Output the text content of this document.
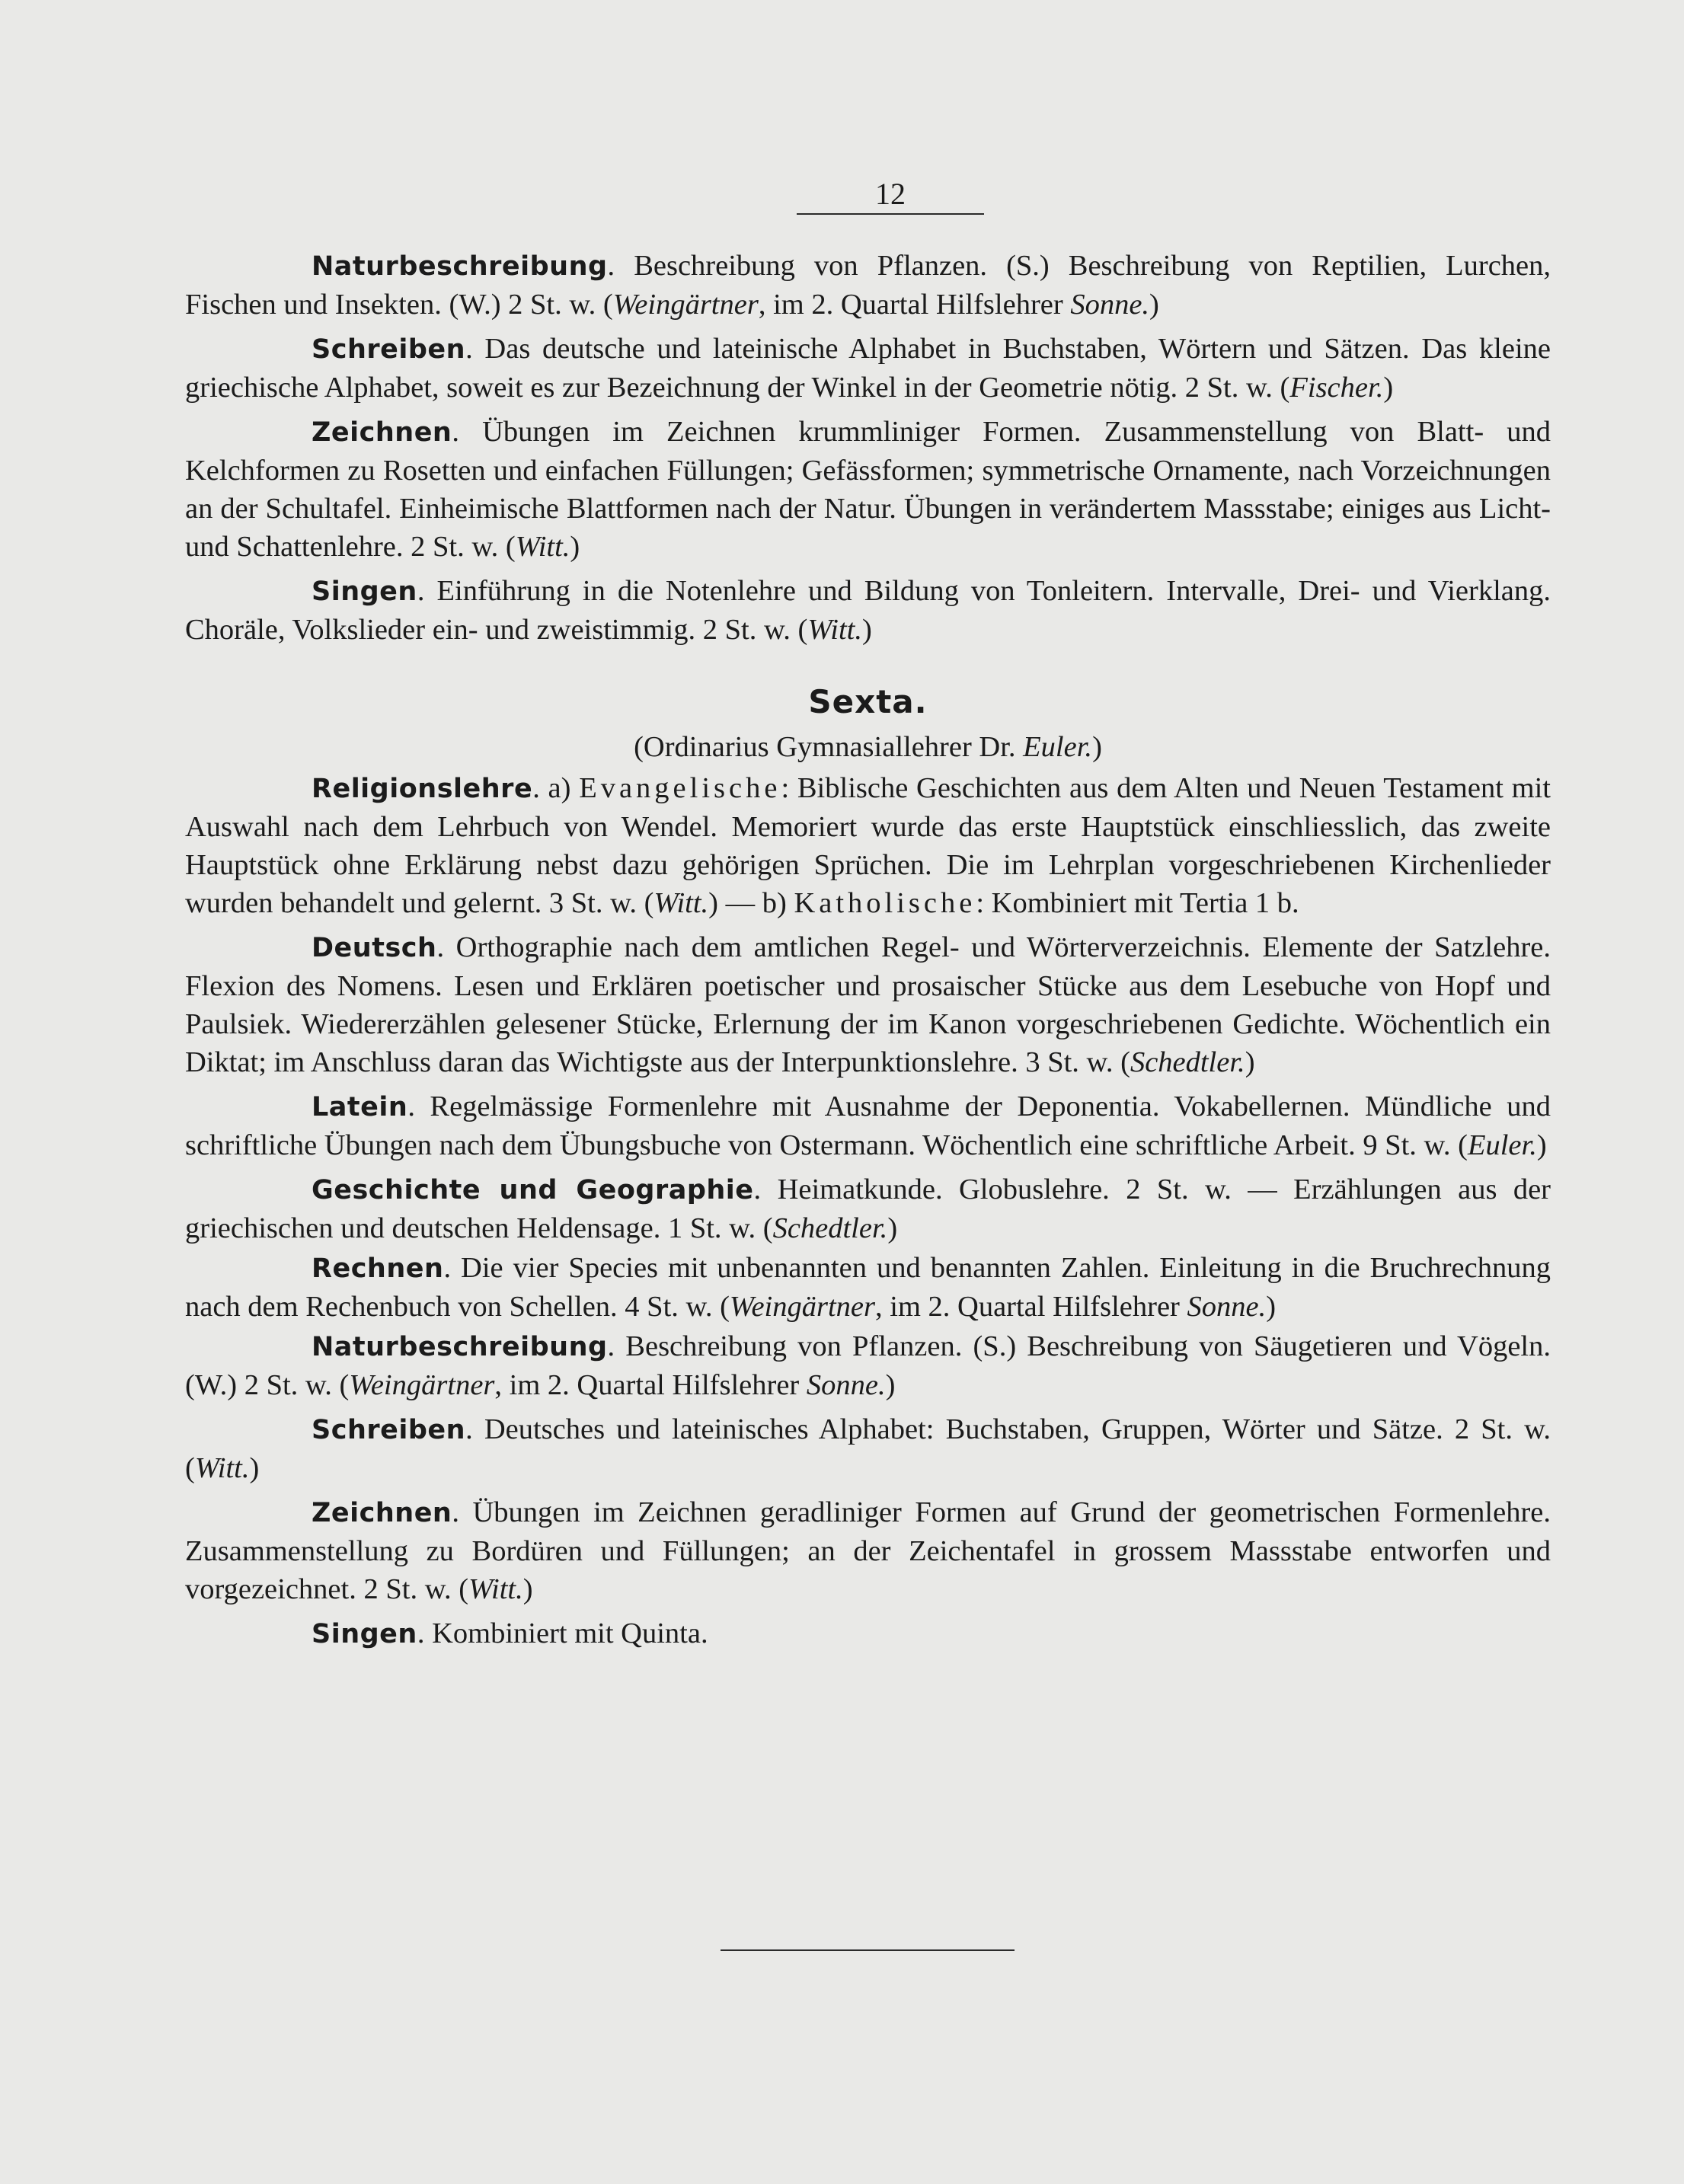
12

Naturbeschreibung. Beschreibung von Pflanzen. (S.) Beschreibung von Reptilien, Lurchen, Fischen und Insekten. (W.) 2 St. w. (Weingärtner, im 2. Quartal Hilfslehrer Sonne.)

Schreiben. Das deutsche und lateinische Alphabet in Buchstaben, Wörtern und Sätzen. Das kleine griechische Alphabet, soweit es zur Bezeichnung der Winkel in der Geometrie nötig. 2 St. w. (Fischer.)

Zeichnen. Übungen im Zeichnen krummliniger Formen. Zusammenstellung von Blatt- und Kelchformen zu Rosetten und einfachen Füllungen; Gefässformen; symmetrische Ornamente, nach Vorzeichnungen an der Schultafel. Einheimische Blattformen nach der Natur. Übungen in verändertem Massstabe; einiges aus Licht- und Schattenlehre. 2 St. w. (Witt.)

Singen. Einführung in die Notenlehre und Bildung von Tonleitern. Intervalle, Drei- und Vierklang. Choräle, Volkslieder ein- und zweistimmig. 2 St. w. (Witt.)

Sexta.
(Ordinarius Gymnasiallehrer Dr. Euler.)

Religionslehre. a) Evangelische: Biblische Geschichten aus dem Alten und Neuen Testament mit Auswahl nach dem Lehrbuch von Wendel. Memoriert wurde das erste Hauptstück einschliesslich, das zweite Hauptstück ohne Erklärung nebst dazu gehörigen Sprüchen. Die im Lehrplan vorgeschriebenen Kirchenlieder wurden behandelt und gelernt. 3 St. w. (Witt.) — b) Katholische: Kombiniert mit Tertia 1 b.

Deutsch. Orthographie nach dem amtlichen Regel- und Wörterverzeichnis. Elemente der Satzlehre. Flexion des Nomens. Lesen und Erklären poetischer und prosaischer Stücke aus dem Lesebuche von Hopf und Paulsiek. Wiedererzählen gelesener Stücke, Erlernung der im Kanon vorgeschriebenen Gedichte. Wöchentlich ein Diktat; im Anschluss daran das Wichtigste aus der Interpunktionslehre. 3 St. w. (Schedtler.)

Latein. Regelmässige Formenlehre mit Ausnahme der Deponentia. Vokabellernen. Mündliche und schriftliche Übungen nach dem Übungsbuche von Ostermann. Wöchentlich eine schriftliche Arbeit. 9 St. w. (Euler.)

Geschichte und Geographie. Heimatkunde. Globuslehre. 2 St. w. — Erzählungen aus der griechischen und deutschen Heldensage. 1 St. w. (Schedtler.)

Rechnen. Die vier Species mit unbenannten und benannten Zahlen. Einleitung in die Bruchrechnung nach dem Rechenbuch von Schellen. 4 St. w. (Weingärtner, im 2. Quartal Hilfslehrer Sonne.)

Naturbeschreibung. Beschreibung von Pflanzen. (S.) Beschreibung von Säugetieren und Vögeln. (W.) 2 St. w. (Weingärtner, im 2. Quartal Hilfslehrer Sonne.)

Schreiben. Deutsches und lateinisches Alphabet: Buchstaben, Gruppen, Wörter und Sätze. 2 St. w. (Witt.)

Zeichnen. Übungen im Zeichnen geradliniger Formen auf Grund der geometrischen Formenlehre. Zusammenstellung zu Bordüren und Füllungen; an der Zeichentafel in grossem Massstabe entworfen und vorgezeichnet. 2 St. w. (Witt.)

Singen. Kombiniert mit Quinta.
